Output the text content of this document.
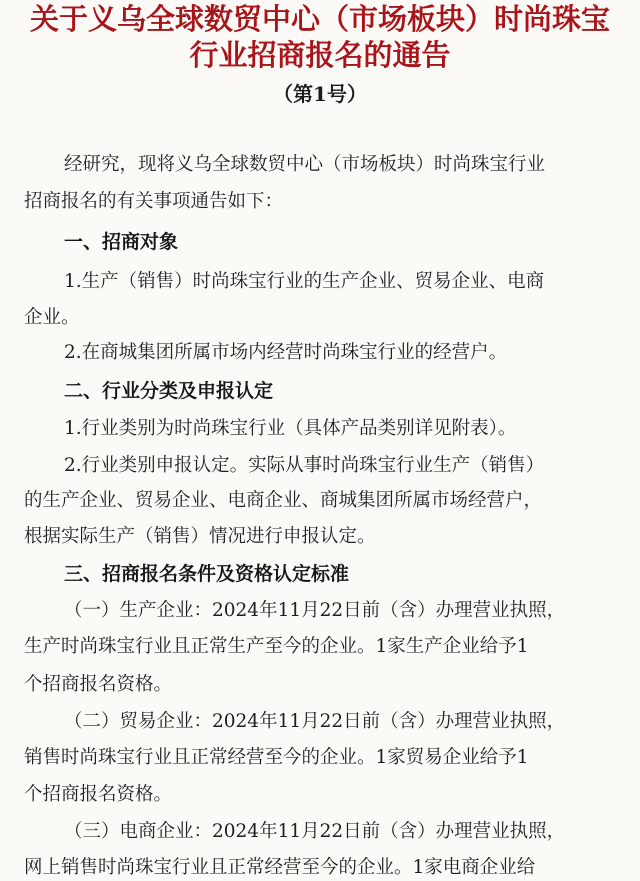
关于义乌全球数贸中心（市场板块）时尚珠宝
行业招商报名的通告
（第1号）
经研究，现将义乌全球数贸中心（市场板块）时尚珠宝行业
招商报名的有关事项通告如下：
一、招商对象
1.生产（销售）时尚珠宝行业的生产企业、贸易企业、电商
企业。
2.在商城集团所属市场内经营时尚珠宝行业的经营户。
二、行业分类及申报认定
1.行业类别为时尚珠宝行业（具体产品类别详见附表）。
2.行业类别申报认定。实际从事时尚珠宝行业生产（销售）
的生产企业、贸易企业、电商企业、商城集团所属市场经营户，
根据实际生产（销售）情况进行申报认定。
三、招商报名条件及资格认定标准
（一）生产企业：2024年11月22日前（含）办理营业执照，
生产时尚珠宝行业且正常生产至今的企业。1家生产企业给予1
个招商报名资格。
（二）贸易企业：2024年11月22日前（含）办理营业执照，
销售时尚珠宝行业且正常经营至今的企业。1家贸易企业给予1
个招商报名资格。
（三）电商企业：2024年11月22日前（含）办理营业执照，
网上销售时尚珠宝行业且正常经营至今的企业。1家电商企业给
